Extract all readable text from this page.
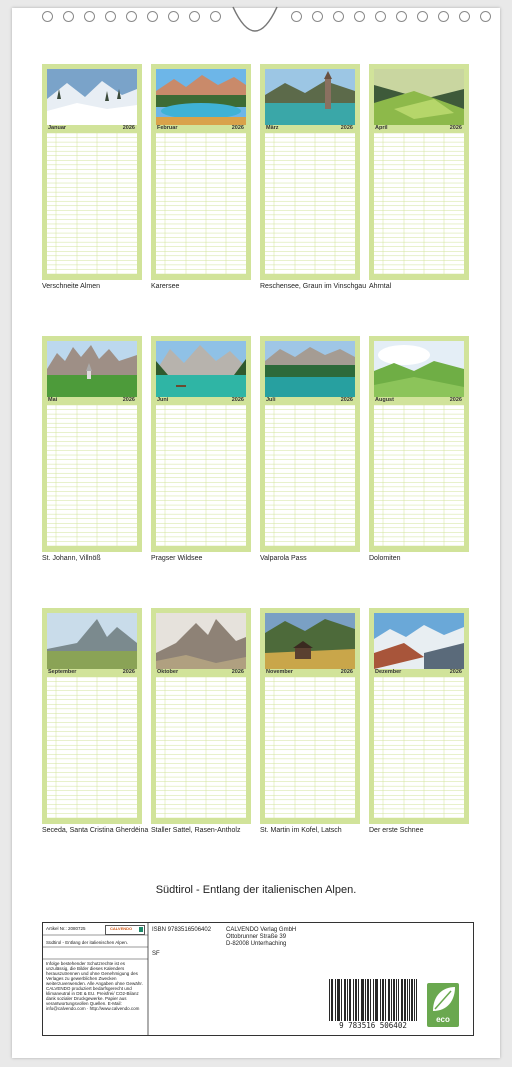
Januar	2026
Verschneite Almen
Februar	2026
Karersee
März	2026
Reschensee, Graun im Vinschgau
April	2026
Ahrntal
Mai	2026
St. Johann, Villnöß
Juni	2026
Pragser Wildsee
Juli	2026
Valparola Pass
August	2026
Dolomiten
September	2026
Seceda, Santa Cristina Gherdëina
Oktober	2026
Staller Sattel, Rasen-Antholz
November	2026
St. Martin im Kofel, Latsch
Dezember	2026
Der erste Schnee
Südtirol - Entlang der italienischen Alpen.
Artikel Nr.: 2080725	CALVENDO
Südtirol - Entlang der italienischen Alpen.
Infolge bestehender Schutzrechte ist es unzulässig, die Bilder dieses Kalenders herauszutrennen und ohne Genehmigung des Verlages zu gewerblichen Zwecken weiterzuverwenden. Alle Angaben ohne Gewähr. CALVENDO produziert bedarfsgerecht und klimaneutral in DE & EU. Preisfrei/ CO2-Bilanz dank sozialer Druckgewerke. Papier aus verantwortungsvollen Quellen. E-Mail: info@calvendo.com · http://www.calvendo.com
ISBN 9783516506402
SF
CALVENDO Verlag GmbH
Ottobrunner Straße 39
D-82008 Unterhaching
9 783516 506402
eco
